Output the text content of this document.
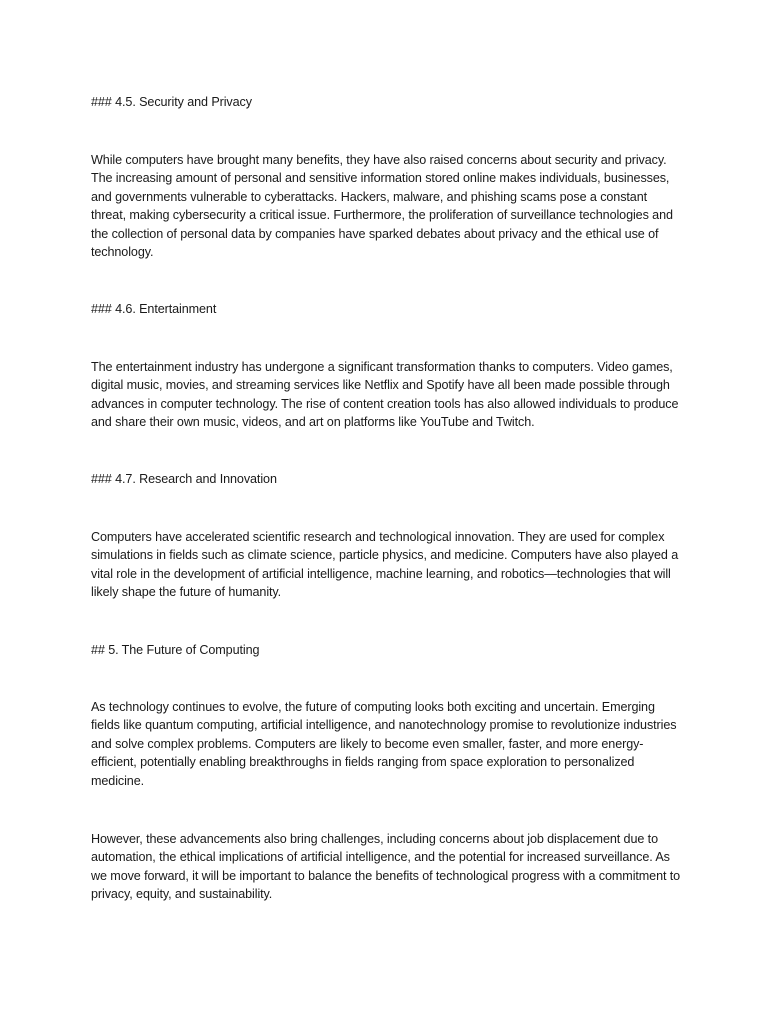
### 4.5. Security and Privacy

While computers have brought many benefits, they have also raised concerns about security and privacy. The increasing amount of personal and sensitive information stored online makes individuals, businesses, and governments vulnerable to cyberattacks. Hackers, malware, and phishing scams pose a constant threat, making cybersecurity a critical issue. Furthermore, the proliferation of surveillance technologies and the collection of personal data by companies have sparked debates about privacy and the ethical use of technology.

### 4.6. Entertainment

The entertainment industry has undergone a significant transformation thanks to computers. Video games, digital music, movies, and streaming services like Netflix and Spotify have all been made possible through advances in computer technology. The rise of content creation tools has also allowed individuals to produce and share their own music, videos, and art on platforms like YouTube and Twitch.

### 4.7. Research and Innovation

Computers have accelerated scientific research and technological innovation. They are used for complex simulations in fields such as climate science, particle physics, and medicine. Computers have also played a vital role in the development of artificial intelligence, machine learning, and robotics—technologies that will likely shape the future of humanity.

## 5. The Future of Computing

As technology continues to evolve, the future of computing looks both exciting and uncertain. Emerging fields like quantum computing, artificial intelligence, and nanotechnology promise to revolutionize industries and solve complex problems. Computers are likely to become even smaller, faster, and more energy-efficient, potentially enabling breakthroughs in fields ranging from space exploration to personalized medicine.

However, these advancements also bring challenges, including concerns about job displacement due to automation, the ethical implications of artificial intelligence, and the potential for increased surveillance. As we move forward, it will be important to balance the benefits of technological progress with a commitment to privacy, equity, and sustainability.
